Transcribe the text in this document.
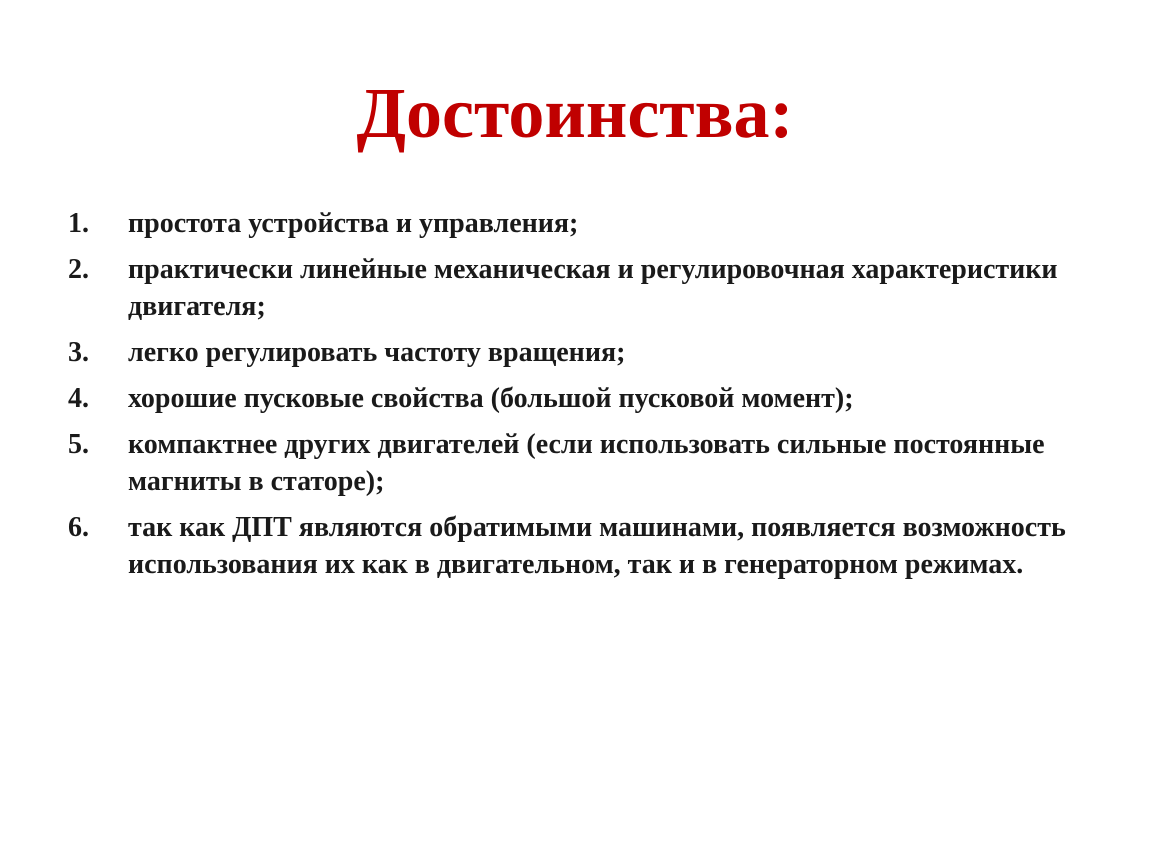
Достоинства:
1.	простота устройства и управления;
2.	практически линейные механическая и регулировочная характеристики двигателя;
3.	легко регулировать частоту вращения;
4.	хорошие пусковые свойства (большой пусковой момент);
5.	компактнее других двигателей (если использовать сильные постоянные магниты в статоре);
6.	так как ДПТ являются обратимыми машинами, появляется возможность использования их как в двигательном, так и в генераторном режимах.
